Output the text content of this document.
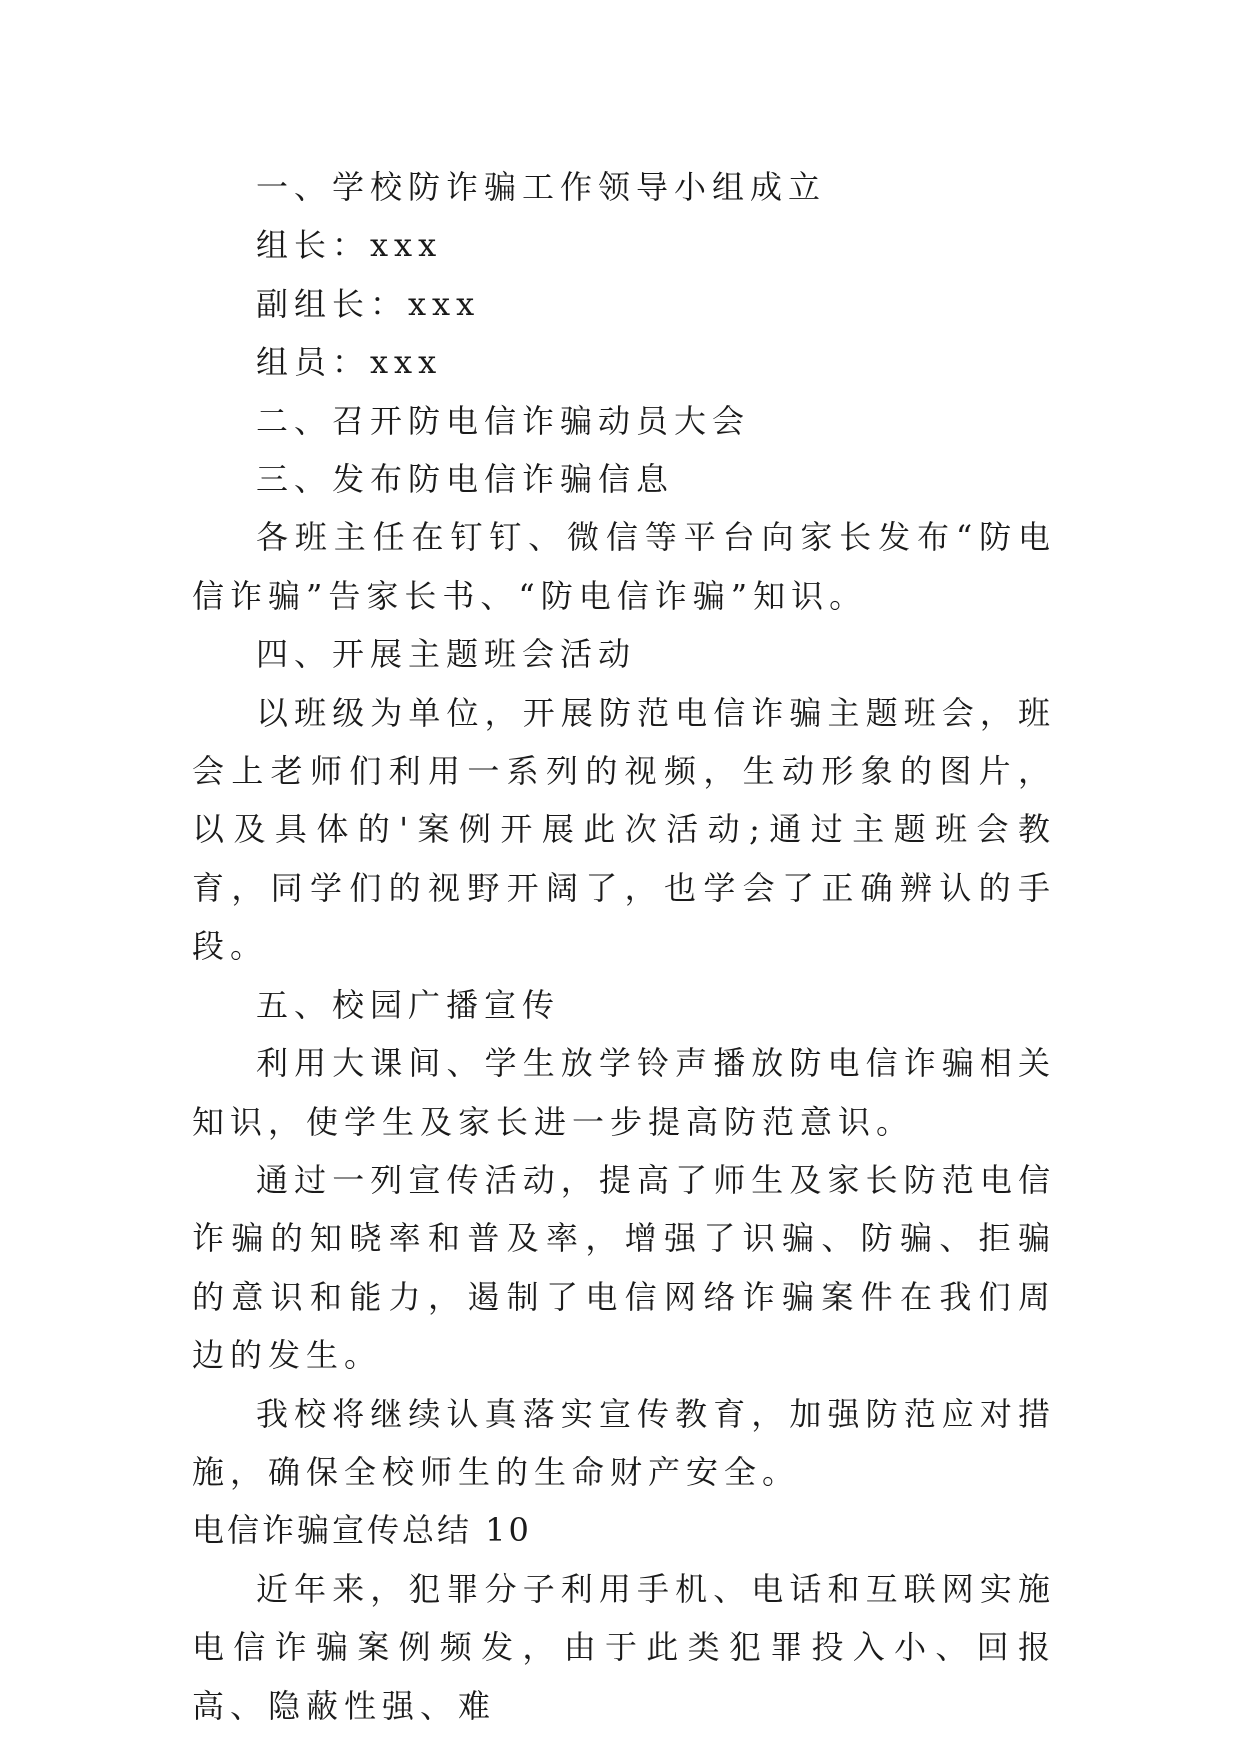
一、学校防诈骗工作领导小组成立

组长：xxx

副组长：xxx

组员：xxx

二、召开防电信诈骗动员大会

三、发布防电信诈骗信息

各班主任在钉钉、微信等平台向家长发布“防电信诈骗”告家长书、“防电信诈骗”知识。

四、开展主题班会活动

以班级为单位，开展防范电信诈骗主题班会，班会上老师们利用一系列的视频，生动形象的图片，以及具体的'案例开展此次活动;通过主题班会教育，同学们的视野开阔了，也学会了正确辨认的手段。

五、校园广播宣传

利用大课间、学生放学铃声播放防电信诈骗相关知识，使学生及家长进一步提高防范意识。

通过一列宣传活动，提高了师生及家长防范电信诈骗的知晓率和普及率，增强了识骗、防骗、拒骗的意识和能力，遏制了电信网络诈骗案件在我们周边的发生。

我校将继续认真落实宣传教育，加强防范应对措施，确保全校师生的生命财产安全。

电信诈骗宣传总结 10

近年来，犯罪分子利用手机、电话和互联网实施电信诈骗案例频发，由于此类犯罪投入小、回报高、隐蔽性强、难
